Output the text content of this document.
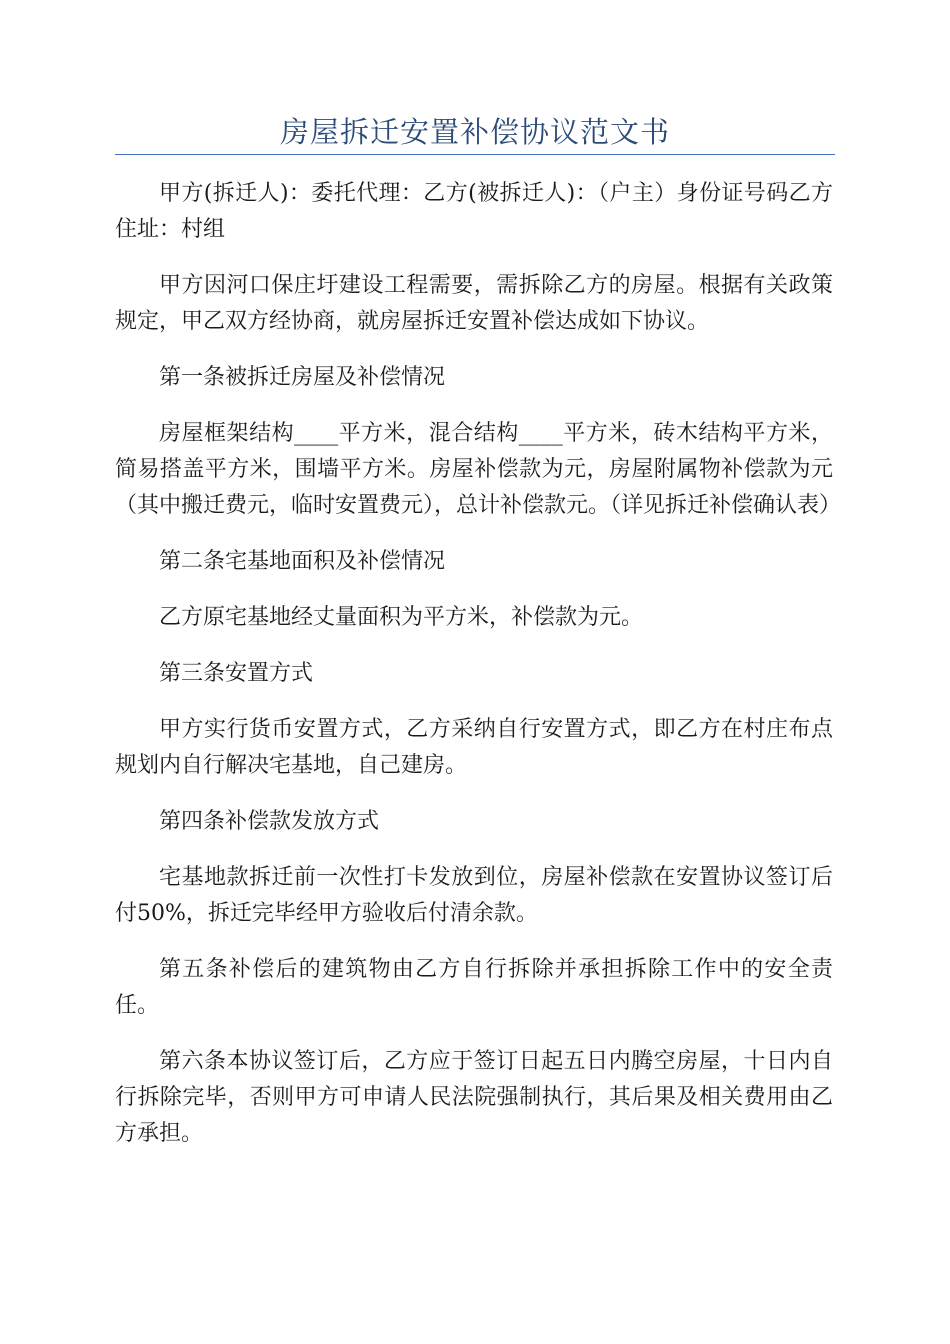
房屋拆迁安置补偿协议范文书

甲方(拆迁人)：委托代理：乙方(被拆迁人)：（户主）身份证号码乙方住址：村组

甲方因河口保庄圩建设工程需要，需拆除乙方的房屋。根据有关政策规定，甲乙双方经协商，就房屋拆迁安置补偿达成如下协议。

第一条被拆迁房屋及补偿情况

房屋框架结构____平方米，混合结构____平方米，砖木结构平方米，简易搭盖平方米，围墙平方米。房屋补偿款为元，房屋附属物补偿款为元（其中搬迁费元，临时安置费元），总计补偿款元。（详见拆迁补偿确认表）

第二条宅基地面积及补偿情况

乙方原宅基地经丈量面积为平方米，补偿款为元。

第三条安置方式

甲方实行货币安置方式，乙方采纳自行安置方式，即乙方在村庄布点规划内自行解决宅基地，自己建房。

第四条补偿款发放方式

宅基地款拆迁前一次性打卡发放到位，房屋补偿款在安置协议签订后付50%，拆迁完毕经甲方验收后付清余款。

第五条补偿后的建筑物由乙方自行拆除并承担拆除工作中的安全责任。

第六条本协议签订后，乙方应于签订日起五日内腾空房屋，十日内自行拆除完毕，否则甲方可申请人民法院强制执行，其后果及相关费用由乙方承担。
